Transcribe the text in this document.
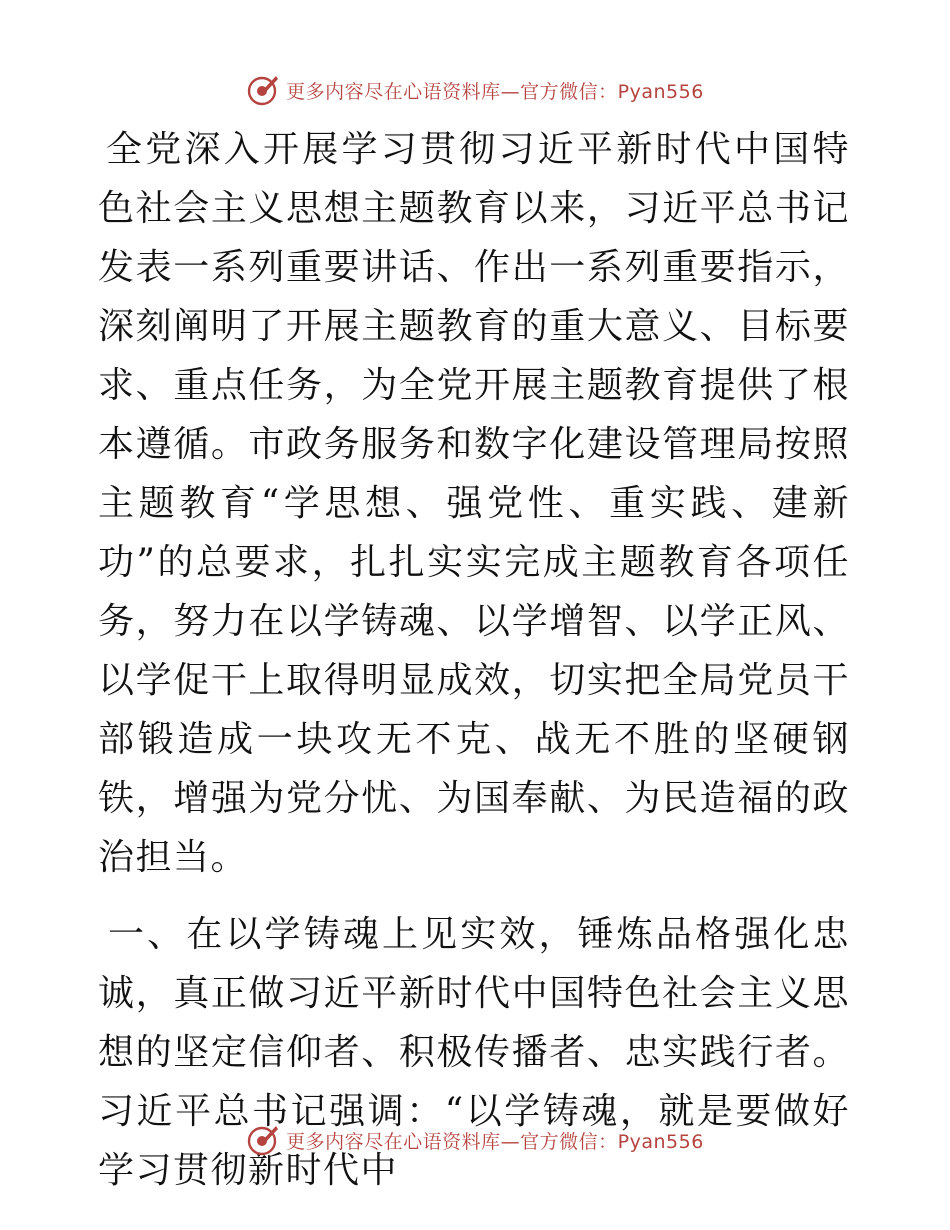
更多内容尽在心语资料库—官方微信：Pyan556

全党深入开展学习贯彻习近平新时代中国特色社会主义思想主题教育以来，习近平总书记发表一系列重要讲话、作出一系列重要指示，深刻阐明了开展主题教育的重大意义、目标要求、重点任务，为全党开展主题教育提供了根本遵循。市政务服务和数字化建设管理局按照主题教育“学思想、强党性、重实践、建新功”的总要求，扎扎实实完成主题教育各项任务，努力在以学铸魂、以学增智、以学正风、以学促干上取得明显成效，切实把全局党员干部锻造成一块攻无不克、战无不胜的坚硬钢铁，增强为党分忧、为国奉献、为民造福的政治担当。

一、在以学铸魂上见实效，锤炼品格强化忠诚，真正做习近平新时代中国特色社会主义思想的坚定信仰者、积极传播者、忠实践行者。习近平总书记强调：“以学铸魂，就是要做好学习贯彻新时代中

更多内容尽在心语资料库—官方微信：Pyan556
